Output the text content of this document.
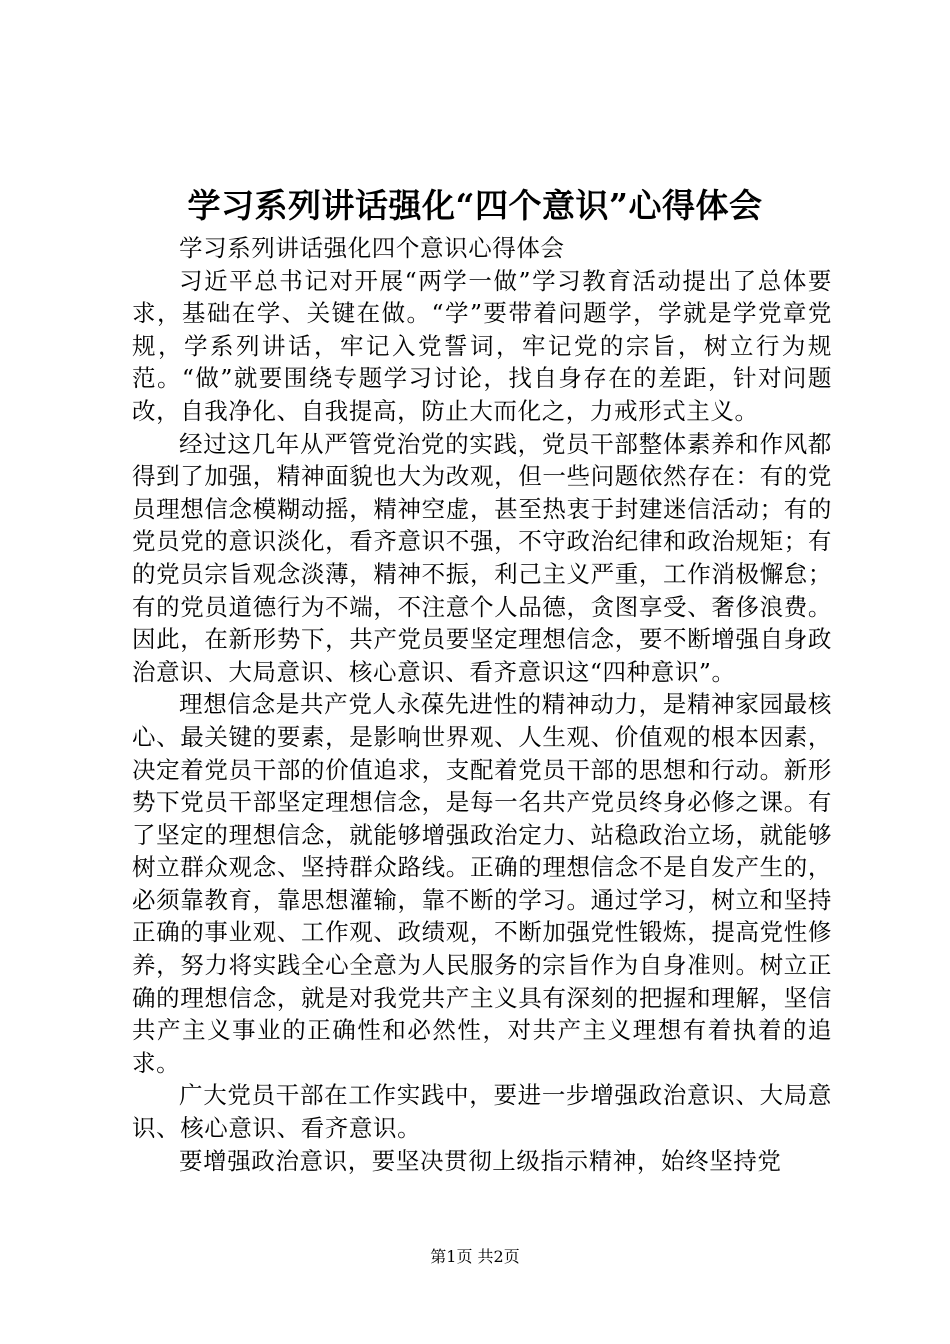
学习系列讲话强化“四个意识”心得体会

学习系列讲话强化四个意识心得体会

习近平总书记对开展“两学一做”学习教育活动提出了总体要求，基础在学、关键在做。“学”要带着问题学，学就是学党章党规，学系列讲话，牢记入党誓词，牢记党的宗旨，树立行为规范。“做”就要围绕专题学习讨论，找自身存在的差距，针对问题改，自我净化、自我提高，防止大而化之，力戒形式主义。

经过这几年从严管党治党的实践，党员干部整体素养和作风都得到了加强，精神面貌也大为改观，但一些问题依然存在：有的党员理想信念模糊动摇，精神空虚，甚至热衷于封建迷信活动；有的党员党的意识淡化，看齐意识不强，不守政治纪律和政治规矩；有的党员宗旨观念淡薄，精神不振，利己主义严重，工作消极懈怠；有的党员道德行为不端，不注意个人品德，贪图享受、奢侈浪费。因此，在新形势下，共产党员要坚定理想信念，要不断增强自身政治意识、大局意识、核心意识、看齐意识这“四种意识”。

理想信念是共产党人永葆先进性的精神动力，是精神家园最核心、最关键的要素，是影响世界观、人生观、价值观的根本因素，决定着党员干部的价值追求，支配着党员干部的思想和行动。新形势下党员干部坚定理想信念，是每一名共产党员终身必修之课。有了坚定的理想信念，就能够增强政治定力、站稳政治立场，就能够树立群众观念、坚持群众路线。正确的理想信念不是自发产生的，必须靠教育，靠思想灌输，靠不断的学习。通过学习，树立和坚持正确的事业观、工作观、政绩观，不断加强党性锻炼，提高党性修养，努力将实践全心全意为人民服务的宗旨作为自身准则。树立正确的理想信念，就是对我党共产主义具有深刻的把握和理解，坚信共产主义事业的正确性和必然性，对共产主义理想有着执着的追求。

广大党员干部在工作实践中，要进一步增强政治意识、大局意识、核心意识、看齐意识。

要增强政治意识，要坚决贯彻上级指示精神，始终坚持党

第1页 共2页
